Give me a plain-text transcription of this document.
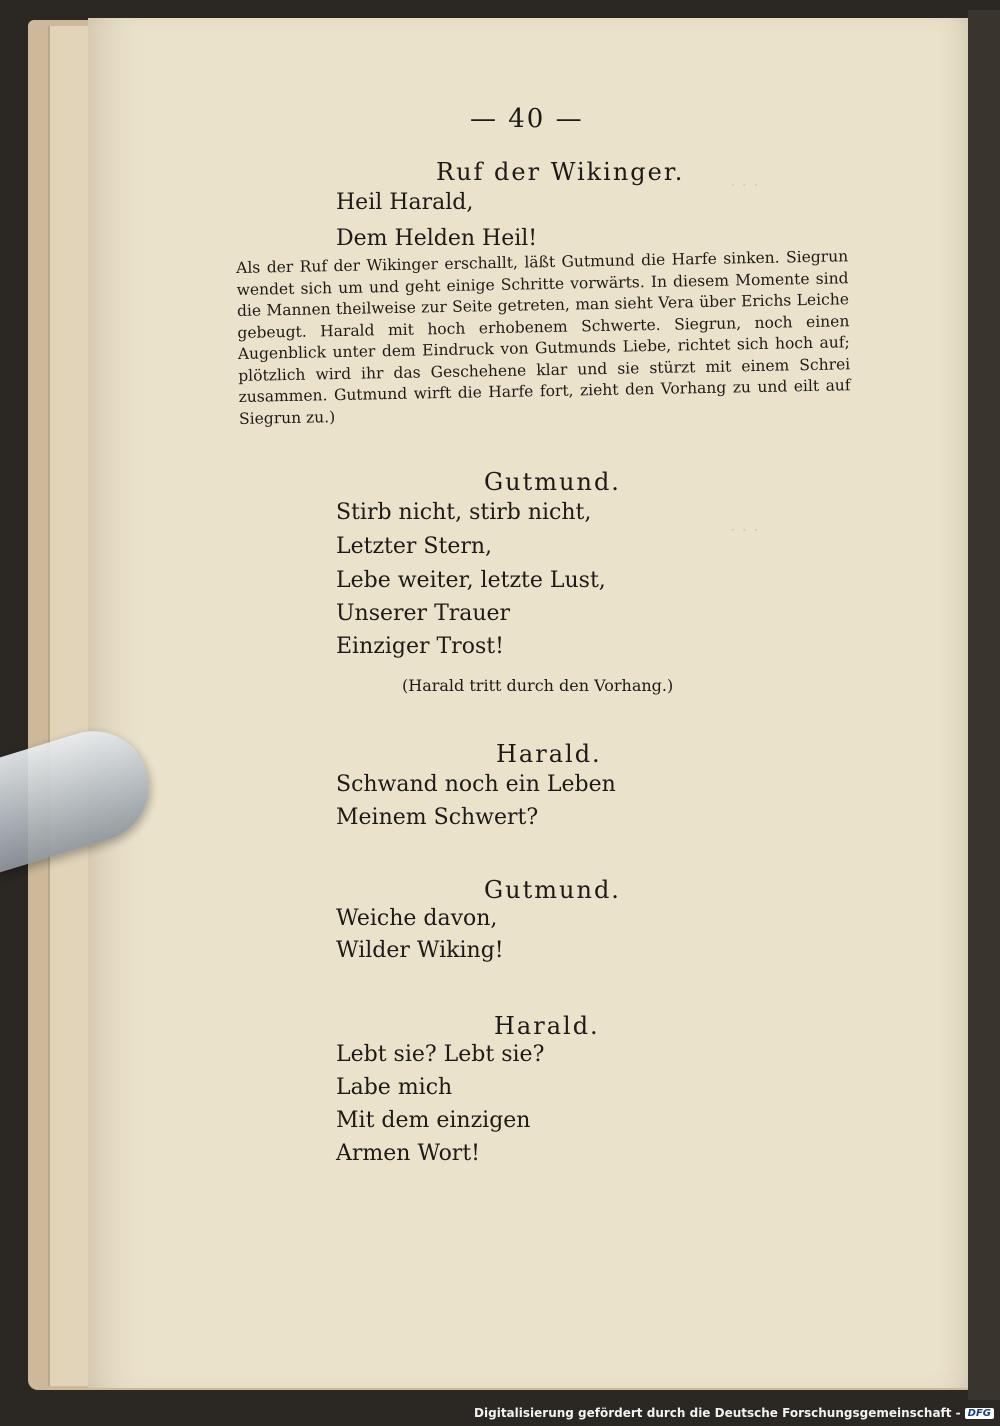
· · ·
· · ·
— 40 —
Ruf der Wikinger.
Heil Harald,
Dem Helden Heil!
Als der Ruf der Wikinger erschallt, läßt Gutmund die Harfe sinken. Siegrun wendet sich um und geht einige Schritte vorwärts. In diesem Momente sind die Mannen theilweise zur Seite getreten, man sieht Vera über Erichs Leiche gebeugt. Harald mit hoch erhobenem Schwerte. Siegrun, noch einen Augenblick unter dem Eindruck von Gutmunds Liebe, richtet sich hoch auf; plötzlich wird ihr das Geschehene klar und sie stürzt mit einem Schrei zusammen. Gutmund wirft die Harfe fort, zieht den Vorhang zu und eilt auf Siegrun zu.)
Gutmund.
Stirb nicht, stirb nicht,
Letzter Stern,
Lebe weiter, letzte Lust,
Unserer Trauer
Einziger Trost!
(Harald tritt durch den Vorhang.)
Harald.
Schwand noch ein Leben
Meinem Schwert?
Gutmund.
Weiche davon,
Wilder Wiking!
Harald.
Lebt sie? Lebt sie?
Labe mich
Mit dem einzigen
Armen Wort!
Digitalisierung gefördert durch die Deutsche Forschungsgemeinschaft - DFG
